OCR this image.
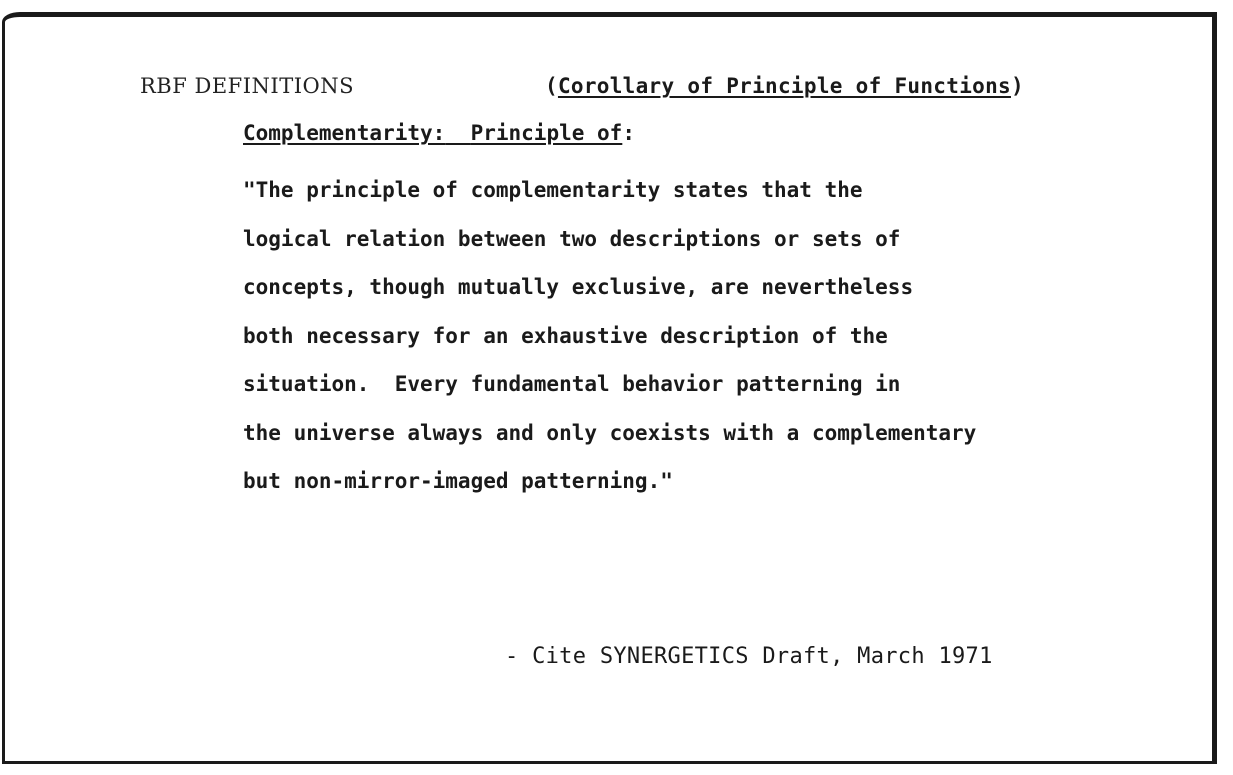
RBF DEFINITIONS	(Corollary of Principle of Functions)
Complementarity: Principle of:
"The principle of complementarity states that the
logical relation between two descriptions or sets of
concepts, though mutually exclusive, are nevertheless
both necessary for an exhaustive description of the
situation.  Every fundamental behavior patterning in
the universe always and only coexists with a complementary
but non-mirror-imaged patterning."
- Cite SYNERGETICS Draft, March 1971
